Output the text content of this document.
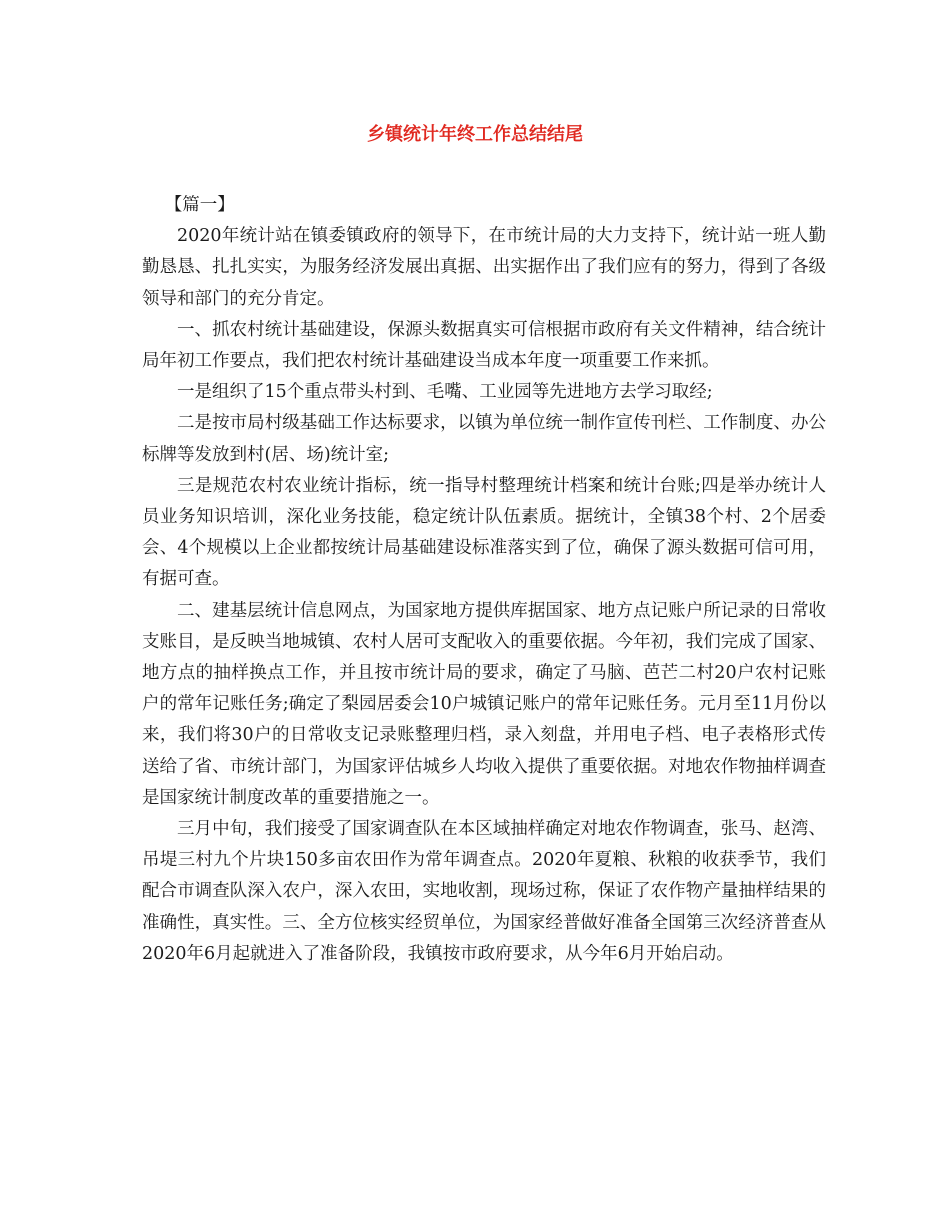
乡镇统计年终工作总结结尾

【篇一】

2020年统计站在镇委镇政府的领导下，在市统计局的大力支持下，统计站一班人勤勤恳恳、扎扎实实，为服务经济发展出真据、出实据作出了我们应有的努力，得到了各级领导和部门的充分肯定。

一、抓农村统计基础建设，保源头数据真实可信根据市政府有关文件精神，结合统计局年初工作要点，我们把农村统计基础建设当成本年度一项重要工作来抓。

一是组织了15个重点带头村到、毛嘴、工业园等先进地方去学习取经;

二是按市局村级基础工作达标要求，以镇为单位统一制作宣传刊栏、工作制度、办公标牌等发放到村(居、场)统计室;

三是规范农村农业统计指标，统一指导村整理统计档案和统计台账;四是举办统计人员业务知识培训，深化业务技能，稳定统计队伍素质。据统计，全镇38个村、2个居委会、4个规模以上企业都按统计局基础建设标准落实到了位，确保了源头数据可信可用，有据可查。

二、建基层统计信息网点，为国家地方提供库据国家、地方点记账户所记录的日常收支账目，是反映当地城镇、农村人居可支配收入的重要依据。今年初，我们完成了国家、地方点的抽样换点工作，并且按市统计局的要求，确定了马脑、芭芒二村20户农村记账户的常年记账任务;确定了梨园居委会10户城镇记账户的常年记账任务。元月至11月份以来，我们将30户的日常收支记录账整理归档，录入刻盘，并用电子档、电子表格形式传送给了省、市统计部门，为国家评估城乡人均收入提供了重要依据。对地农作物抽样调查是国家统计制度改革的重要措施之一。

三月中旬，我们接受了国家调查队在本区域抽样确定对地农作物调查，张马、赵湾、吊堤三村九个片块150多亩农田作为常年调查点。2020年夏粮、秋粮的收获季节，我们配合市调查队深入农户，深入农田，实地收割，现场过称，保证了农作物产量抽样结果的准确性，真实性。三、全方位核实经贸单位，为国家经普做好准备全国第三次经济普查从2020年6月起就进入了准备阶段，我镇按市政府要求，从今年6月开始启动。
